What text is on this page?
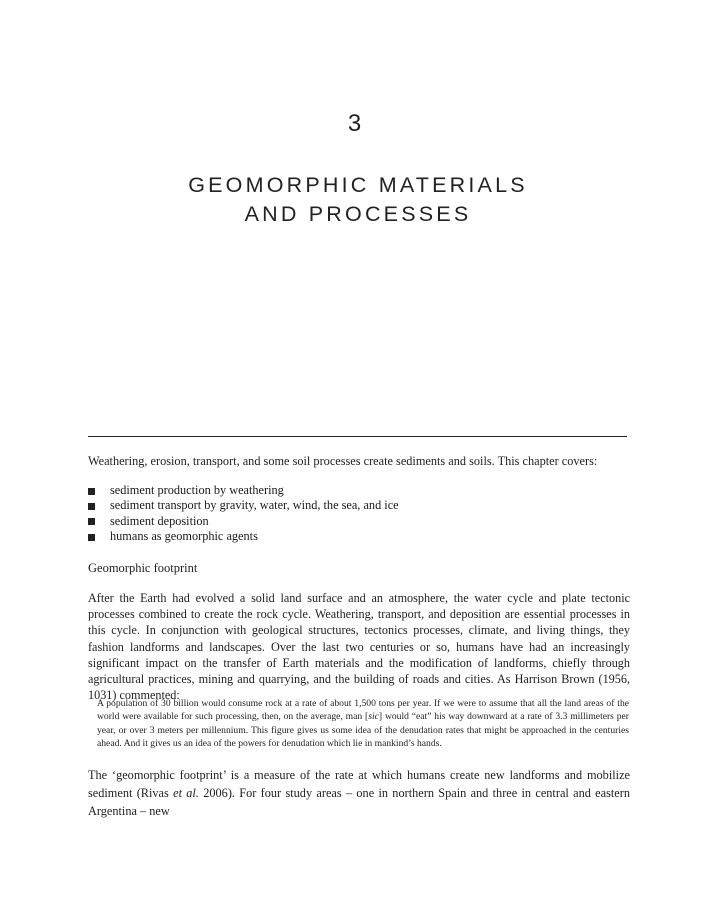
3
GEOMORPHIC MATERIALS
AND PROCESSES
Weathering, erosion, transport, and some soil processes create sediments and soils. This chapter covers:
sediment production by weathering
sediment transport by gravity, water, wind, the sea, and ice
sediment deposition
humans as geomorphic agents
Geomorphic footprint
After the Earth had evolved a solid land surface and an atmosphere, the water cycle and plate tectonic processes combined to create the rock cycle. Weathering, transport, and deposition are essential processes in this cycle. In conjunction with geological structures, tectonics processes, climate, and living things, they fashion landforms and landscapes. Over the last two centuries or so, humans have had an increasingly significant impact on the transfer of Earth materials and the modification of landforms, chiefly through agricultural practices, mining and quarrying, and the building of roads and cities. As Harrison Brown (1956, 1031) commented:
A population of 30 billion would consume rock at a rate of about 1,500 tons per year. If we were to assume that all the land areas of the world were available for such processing, then, on the average, man [sic] would “eat” his way downward at a rate of 3.3 millimeters per year, or over 3 meters per millennium. This figure gives us some idea of the denudation rates that might be approached in the centuries ahead. And it gives us an idea of the powers for denudation which lie in mankind’s hands.
The ‘geomorphic footprint’ is a measure of the rate at which humans create new landforms and mobilize sediment (Rivas et al. 2006). For four study areas – one in northern Spain and three in central and eastern Argentina – new
